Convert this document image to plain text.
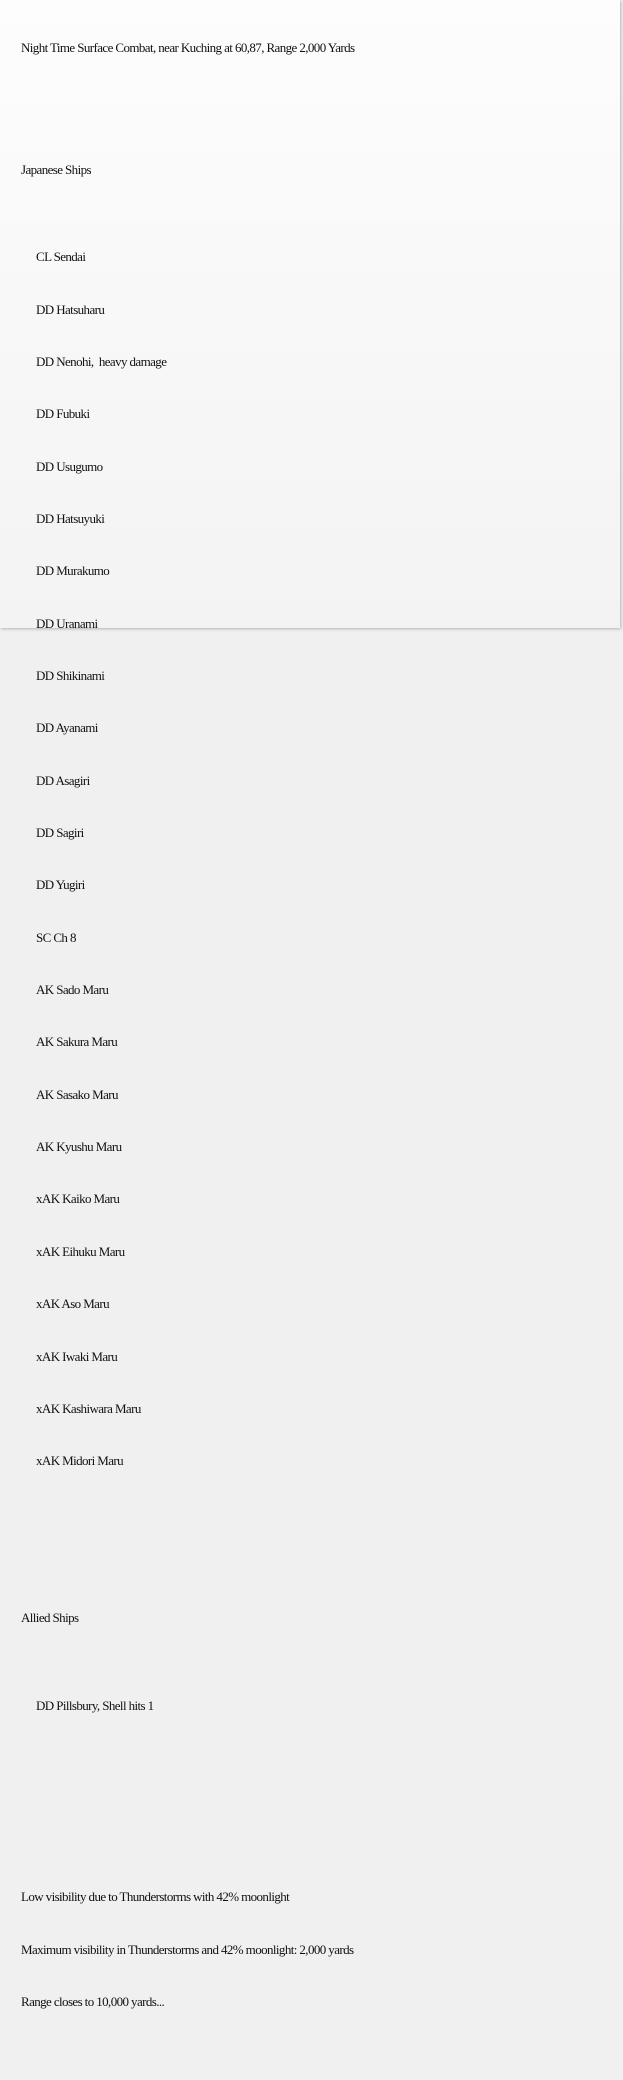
Night Time Surface Combat, near Kuching at 60,87, Range 2,000 Yards

Japanese Ships

CL Sendai

DD Hatsuharu

DD Nenohi,  heavy damage

DD Fubuki

DD Usugumo

DD Hatsuyuki

DD Murakumo

DD Uranami

DD Shikinami

DD Ayanami

DD Asagiri

DD Sagiri

DD Yugiri

SC Ch 8

AK Sado Maru

AK Sakura Maru

AK Sasako Maru

AK Kyushu Maru

xAK Kaiko Maru

xAK Eihuku Maru

xAK Aso Maru

xAK Iwaki Maru

xAK Kashiwara Maru

xAK Midori Maru

Allied Ships

DD Pillsbury, Shell hits 1

Low visibility due to Thunderstorms with 42% moonlight

Maximum visibility in Thunderstorms and 42% moonlight: 2,000 yards

Range closes to 10,000 yards...
